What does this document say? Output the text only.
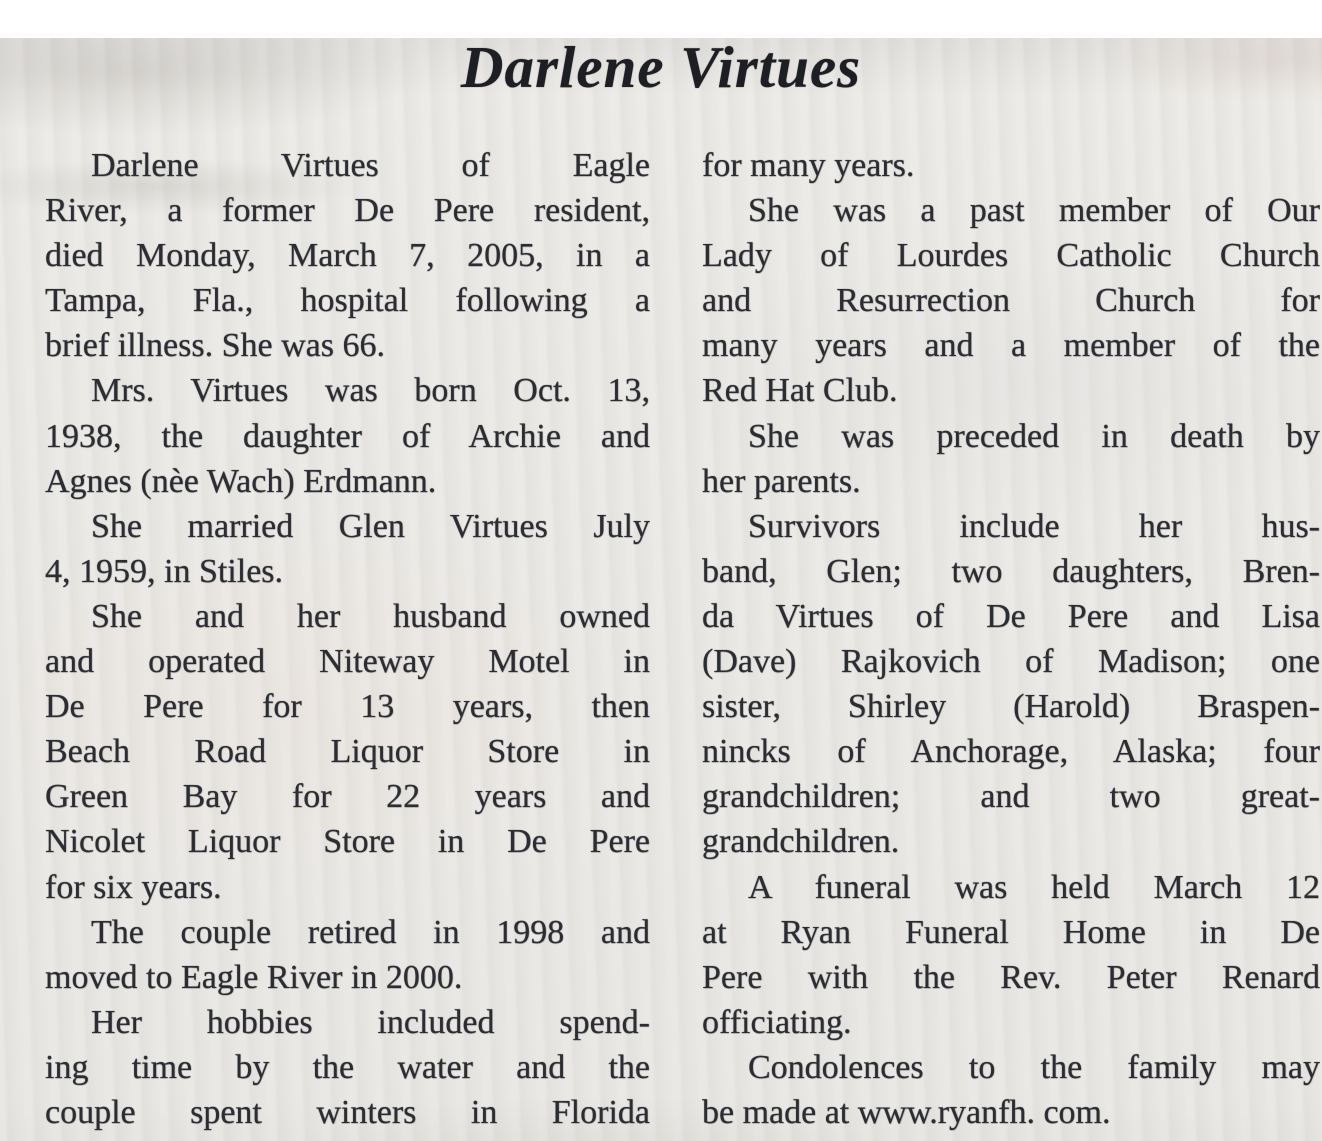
Darlene Virtues
Darlene Virtues of Eagle
River, a former De Pere resident,
died Monday, March 7, 2005, in a
Tampa, Fla., hospital following a
brief illness. She was 66.
Mrs. Virtues was born Oct. 13,
1938, the daughter of Archie and
Agnes (nèe Wach) Erdmann.
She married Glen Virtues July
4, 1959, in Stiles.
She and her husband owned
and operated Niteway Motel in
De Pere for 13 years, then
Beach Road Liquor Store in
Green Bay for 22 years and
Nicolet Liquor Store in De Pere
for six years.
The couple retired in 1998 and
moved to Eagle River in 2000.
Her hobbies included spend-
ing time by the water and the
couple spent winters in Florida
for many years.
She was a past member of Our
Lady of Lourdes Catholic Church
and Resurrection Church for
many years and a member of the
Red Hat Club.
She was preceded in death by
her parents.
Survivors include her hus-
band, Glen; two daughters, Bren-
da Virtues of De Pere and Lisa
(Dave) Rajkovich of Madison; one
sister, Shirley (Harold) Braspen-
nincks of Anchorage, Alaska; four
grandchildren; and two great-
grandchildren.
A funeral was held March 12
at Ryan Funeral Home in De
Pere with the Rev. Peter Renard
officiating.
Condolences to the family may
be made at www.ryanfh. com.
